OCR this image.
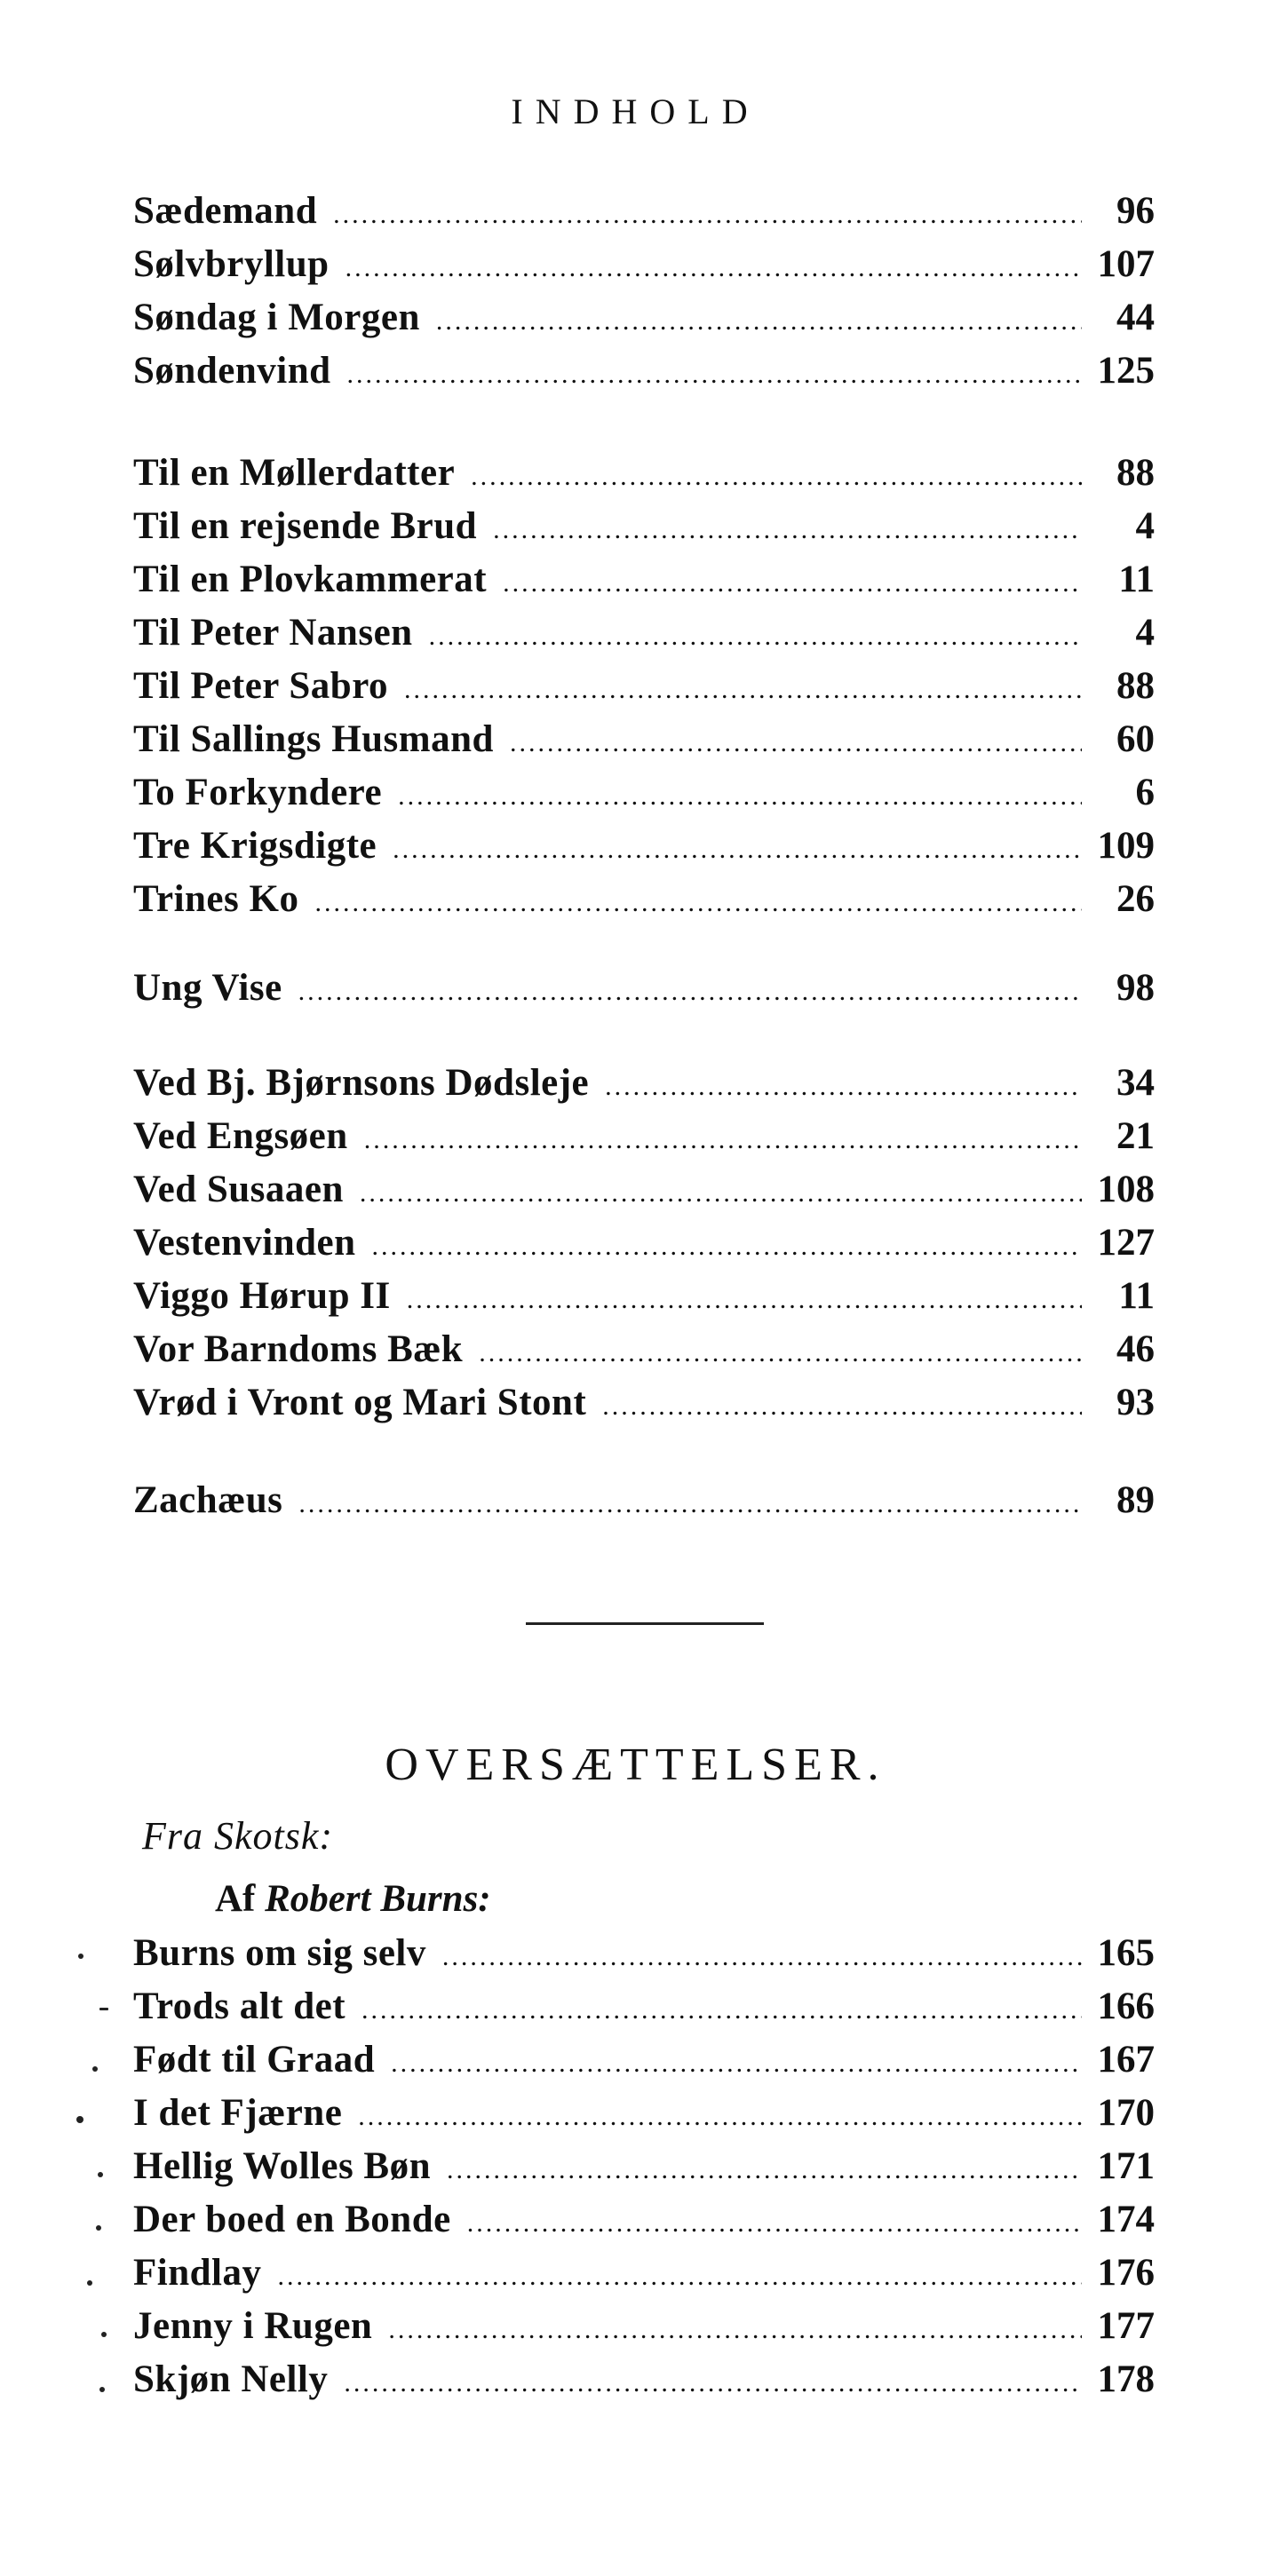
INDHOLD
Sædemand .....	96
Sølvbryllup .....	107
Søndag i Morgen .....	44
Søndenvind .....	125
Til en Møllerdatter .....	88
Til en rejsende Brud .....	4
Til en Plovkammerat .....	11
Til Peter Nansen .....	4
Til Peter Sabro .....	88
Til Sallings Husmand .....	60
To Forkyndere .....	6
Tre Krigsdigte .....	109
Trines Ko .....	26
Ung Vise .....	98
Ved Bj. Bjørnsons Dødsleje .....	34
Ved Engsøen .....	21
Ved Susaaen .....	108
Vestenvinden .....	127
Viggo Hørup II .....	11
Vor Barndoms Bæk .....	46
Vrød i Vront og Mari Stont .....	93
Zachæus .....	89
OVERSÆTTELSER.
Fra Skotsk:
Af Robert Burns:
Burns om sig selv .....	165
Trods alt det .....	166
Født til Graad .....	167
I det Fjærne .....	170
Hellig Wolles Bøn .....	171
Der boed en Bonde .....	174
Findlay .....	176
Jenny i Rugen .....	177
Skjøn Nelly .....	178
